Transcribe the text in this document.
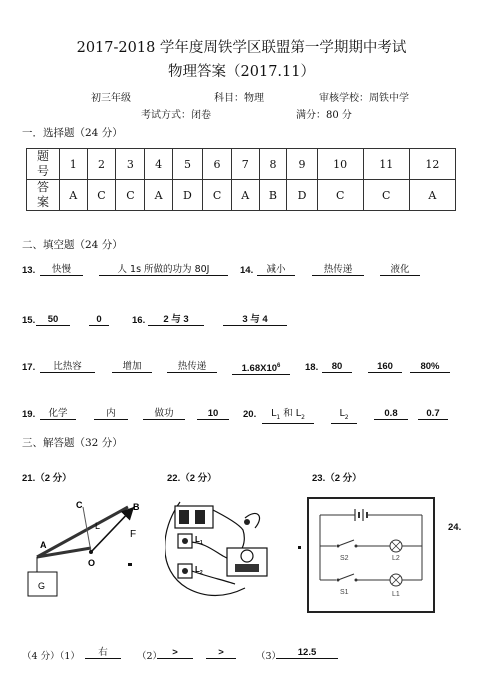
2017-2018 学年度周铁学区联盟第一学期期中考试
物理答案（2017.11）
初三年级	科目：物理	审核学校：周铁中学
考试方式：闭卷	满分：80 分
一．选择题（24 分）
题
号	1	2	3	4	5	6	7	8	9	10	11	12
答
案	A	C	C	A	D	C	A	B	D	C	C	A
二、填空题（24 分）
13.	快慢	人 1s 所做的功为 80J	14.	减小	热传递	液化
15.	50	0	16.	2 与 3	3 与 4
17.	比热容	增加	热传递	$1.68X10^6$	18.	80	160	80%
19.	化学	内	做功	10	20.	$L_1$ 和 $L_2$	$L_2$	0.8	0.7
三、解答题（32 分）
21.（2 分）	22.（2 分）	23.（2 分）
24.
C	B
L
F
A
O
G
$L_1$
$L_2$
S2	L2
S1	L1
（4 分）（1）	右	（2）	>	>	（3）	12.5
